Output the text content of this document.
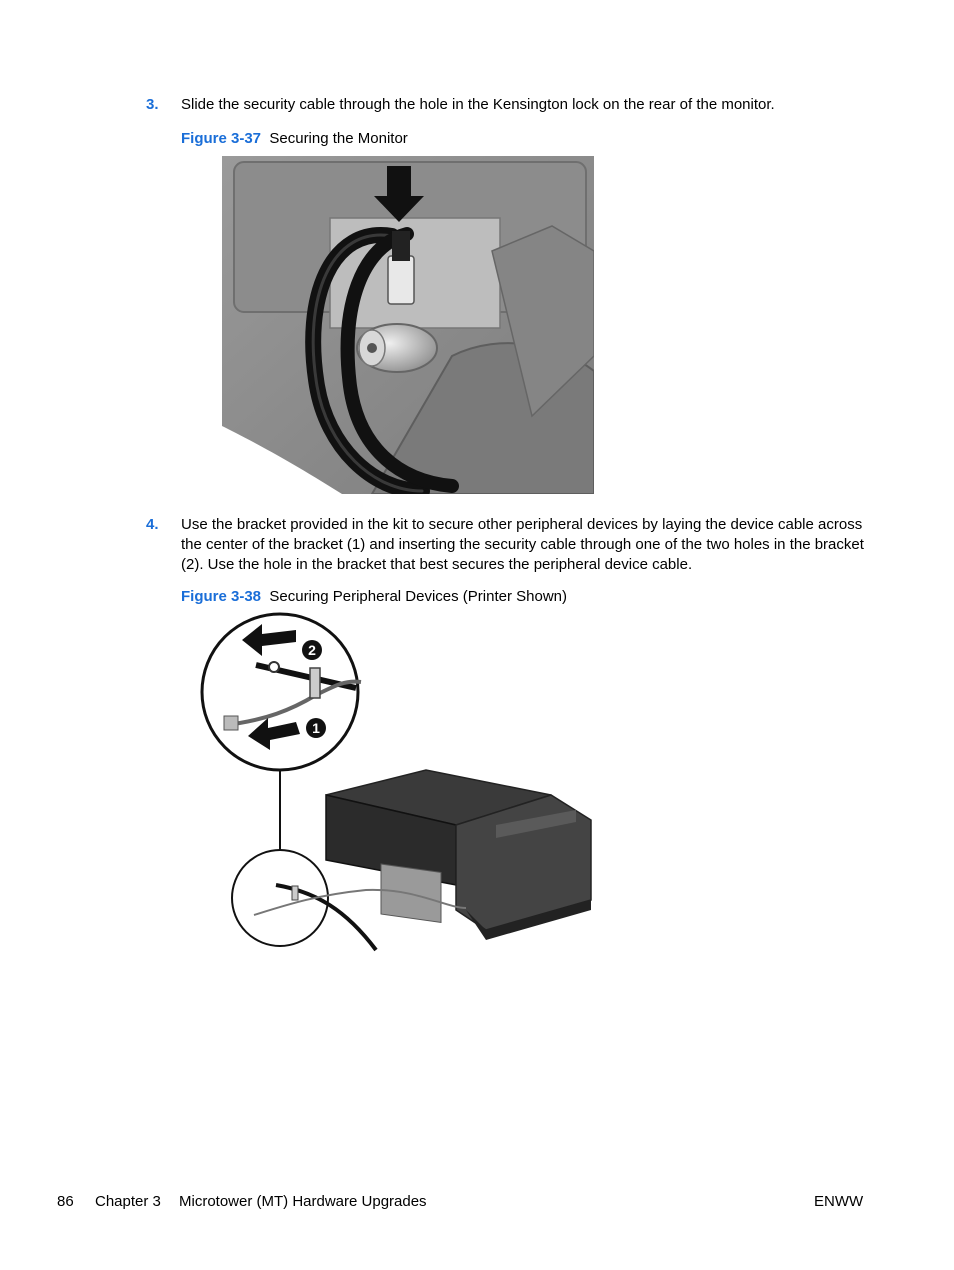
3. Slide the security cable through the hole in the Kensington lock on the rear of the monitor.
Figure 3-37 Securing the Monitor
4. Use the bracket provided in the kit to secure other peripheral devices by laying the device cable across the center of the bracket (1) and inserting the security cable through one of the two holes in the bracket (2). Use the hole in the bracket that best secures the peripheral device cable.
Figure 3-38 Securing Peripheral Devices (Printer Shown)
2
1
86 Chapter 3 Microtower (MT) Hardware Upgrades	ENWW
